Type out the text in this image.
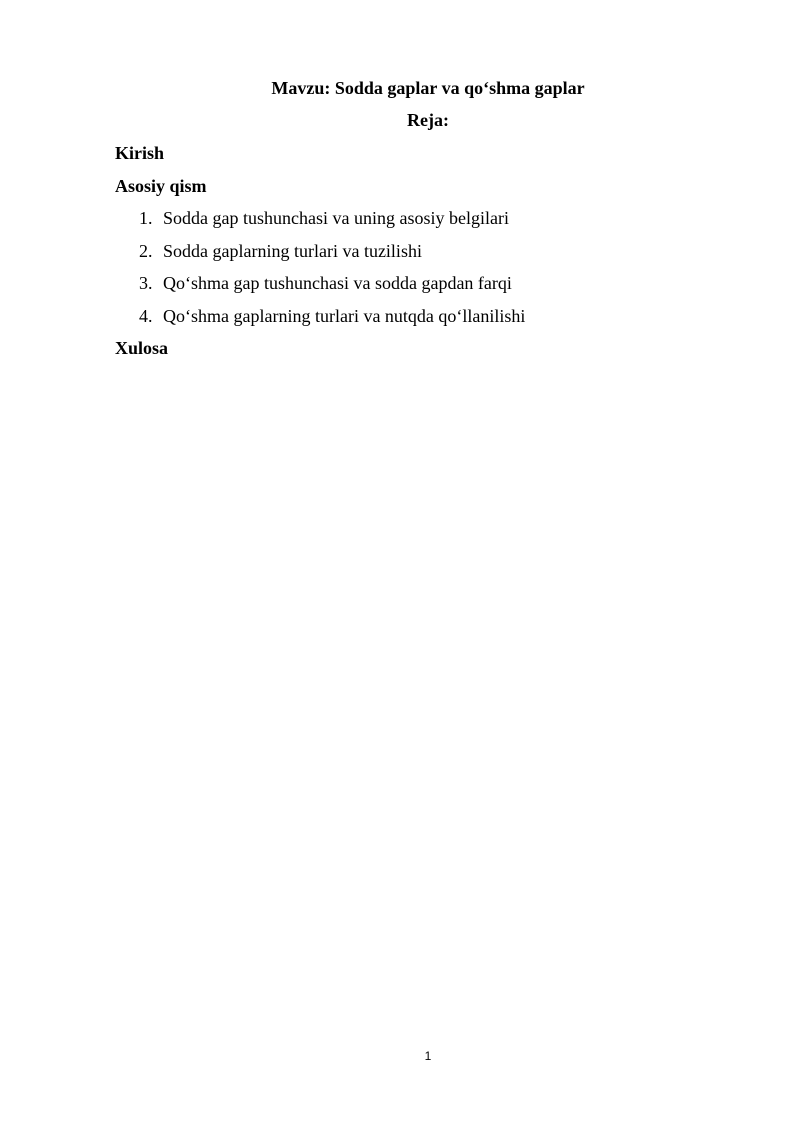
Mavzu: Sodda gaplar va qo‘shma gaplar
Reja:
Kirish
Asosiy qism
1. Sodda gap tushunchasi va uning asosiy belgilari
2. Sodda gaplarning turlari va tuzilishi
3. Qo‘shma gap tushunchasi va sodda gapdan farqi
4. Qo‘shma gaplarning turlari va nutqda qo‘llanilishi
Xulosa
1
